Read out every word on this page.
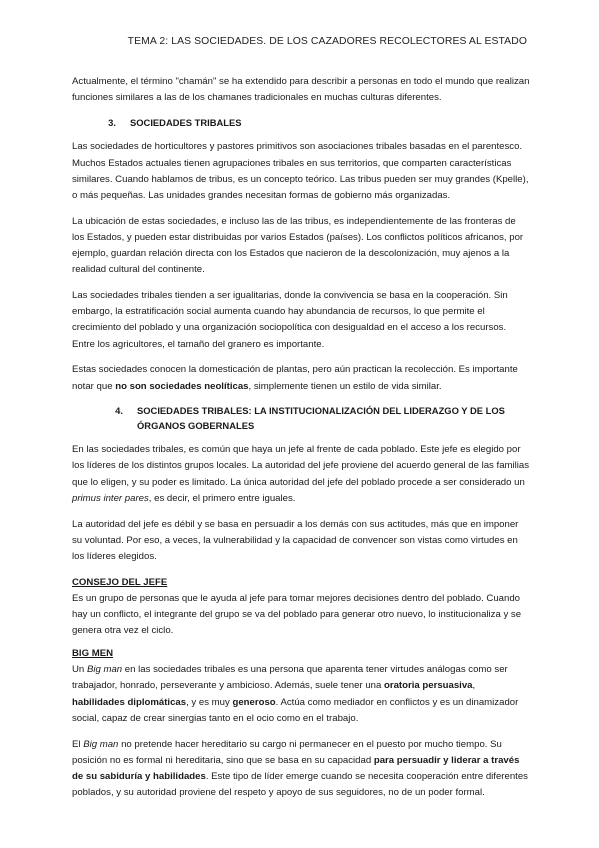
TEMA 2: LAS SOCIEDADES. DE LOS CAZADORES RECOLECTORES AL ESTADO

Actualmente, el término "chamán" se ha extendido para describir a personas en todo el mundo que realizan funciones similares a las de los chamanes tradicionales en muchas culturas diferentes.

3.	SOCIEDADES TRIBALES

Las sociedades de horticultores y pastores primitivos son asociaciones tribales basadas en el parentesco. Muchos Estados actuales tienen agrupaciones tribales en sus territorios, que comparten características similares. Cuando hablamos de tribus, es un concepto teórico. Las tribus pueden ser muy grandes (Kpelle), o más pequeñas. Las unidades grandes necesitan formas de gobierno más organizadas.

La ubicación de estas sociedades, e incluso las de las tribus, es independientemente de las fronteras de los Estados, y pueden estar distribuidas por varios Estados (países). Los conflictos políticos africanos, por ejemplo, guardan relación directa con los Estados que nacieron de la descolonización, muy ajenos a la realidad cultural del continente.

Las sociedades tribales tienden a ser igualitarias, donde la convivencia se basa en la cooperación. Sin embargo, la estratificación social aumenta cuando hay abundancia de recursos, lo que permite el crecimiento del poblado y una organización sociopolítica con desigualdad en el acceso a los recursos. Entre los agricultores, el tamaño del granero es importante.

Estas sociedades conocen la domesticación de plantas, pero aún practican la recolección. Es importante notar que no son sociedades neolíticas, simplemente tienen un estilo de vida similar.

4.	SOCIEDADES TRIBALES: LA INSTITUCIONALIZACIÓN DEL LIDERAZGO Y DE LOS ÓRGANOS GOBERNALES

En las sociedades tribales, es común que haya un jefe al frente de cada poblado. Este jefe es elegido por los líderes de los distintos grupos locales. La autoridad del jefe proviene del acuerdo general de las familias que lo eligen, y su poder es limitado. La única autoridad del jefe del poblado procede a ser considerado un primus inter pares, es decir, el primero entre iguales.

La autoridad del jefe es débil y se basa en persuadir a los demás con sus actitudes, más que en imponer su voluntad. Por eso, a veces, la vulnerabilidad y la capacidad de convencer son vistas como virtudes en los líderes elegidos.

CONSEJO DEL JEFE

Es un grupo de personas que le ayuda al jefe para tomar mejores decisiones dentro del poblado. Cuando hay un conflicto, el integrante del grupo se va del poblado para generar otro nuevo, lo institucionaliza y se genera otra vez el ciclo.

BIG MEN

Un Big man en las sociedades tribales es una persona que aparenta tener virtudes análogas como ser trabajador, honrado, perseverante y ambicioso. Además, suele tener una oratoria persuasiva, habilidades diplomáticas, y es muy generoso. Actúa como mediador en conflictos y es un dinamizador social, capaz de crear sinergias tanto en el ocio como en el trabajo.

El Big man no pretende hacer hereditario su cargo ni permanecer en el puesto por mucho tiempo. Su posición no es formal ni hereditaria, sino que se basa en su capacidad para persuadir y liderar a través de su sabiduría y habilidades. Este tipo de líder emerge cuando se necesita cooperación entre diferentes poblados, y su autoridad proviene del respeto y apoyo de sus seguidores, no de un poder formal.
